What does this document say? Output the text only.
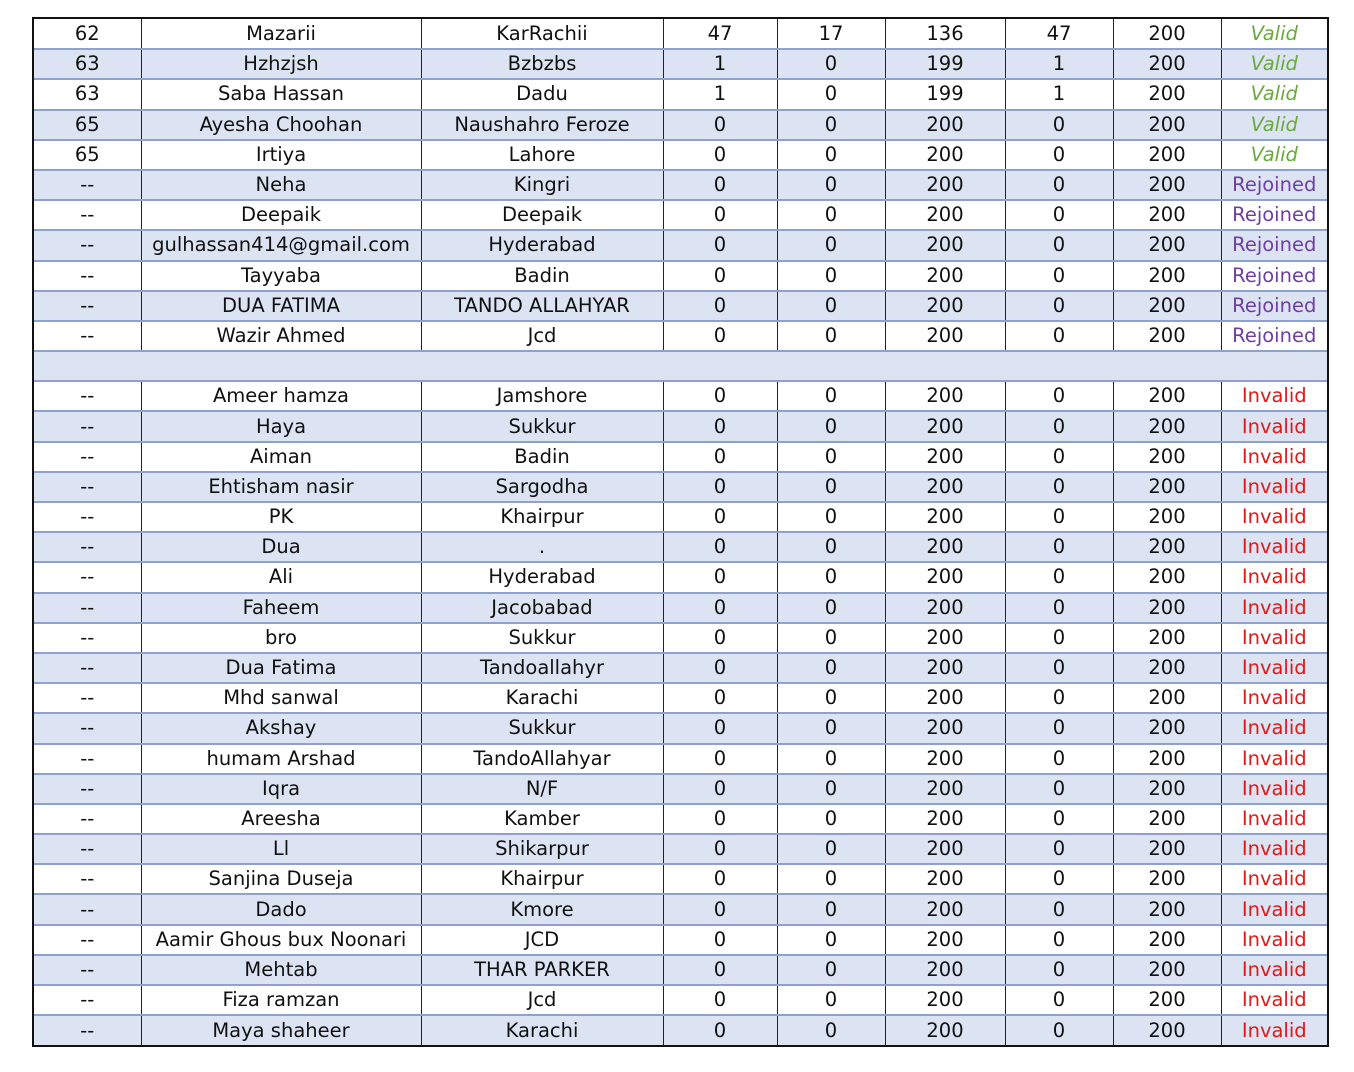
62	Mazarii	KarRachii	47	17	136	47	200	Valid
63	Hzhzjsh	Bzbzbs	1	0	199	1	200	Valid
63	Saba Hassan	Dadu	1	0	199	1	200	Valid
65	Ayesha Choohan	Naushahro Feroze	0	0	200	0	200	Valid
65	Irtiya	Lahore	0	0	200	0	200	Valid
--	Neha	Kingri	0	0	200	0	200	Rejoined
--	Deepaik	Deepaik	0	0	200	0	200	Rejoined
--	gulhassan414@gmail.com	Hyderabad	0	0	200	0	200	Rejoined
--	Tayyaba	Badin	0	0	200	0	200	Rejoined
--	DUA FATIMA	TANDO ALLAHYAR	0	0	200	0	200	Rejoined
--	Wazir Ahmed	Jcd	0	0	200	0	200	Rejoined

--	Ameer hamza	Jamshore	0	0	200	0	200	Invalid
--	Haya	Sukkur	0	0	200	0	200	Invalid
--	Aiman	Badin	0	0	200	0	200	Invalid
--	Ehtisham nasir	Sargodha	0	0	200	0	200	Invalid
--	PK	Khairpur	0	0	200	0	200	Invalid
--	Dua	.	0	0	200	0	200	Invalid
--	Ali	Hyderabad	0	0	200	0	200	Invalid
--	Faheem	Jacobabad	0	0	200	0	200	Invalid
--	bro	Sukkur	0	0	200	0	200	Invalid
--	Dua Fatima	Tandoallahyr	0	0	200	0	200	Invalid
--	Mhd sanwal	Karachi	0	0	200	0	200	Invalid
--	Akshay	Sukkur	0	0	200	0	200	Invalid
--	humam Arshad	TandoAllahyar	0	0	200	0	200	Invalid
--	Iqra	N/F	0	0	200	0	200	Invalid
--	Areesha	Kamber	0	0	200	0	200	Invalid
--	Ll	Shikarpur	0	0	200	0	200	Invalid
--	Sanjina Duseja	Khairpur	0	0	200	0	200	Invalid
--	Dado	Kmore	0	0	200	0	200	Invalid
--	Aamir Ghous bux Noonari	JCD	0	0	200	0	200	Invalid
--	Mehtab	THAR PARKER	0	0	200	0	200	Invalid
--	Fiza ramzan	Jcd	0	0	200	0	200	Invalid
--	Maya shaheer	Karachi	0	0	200	0	200	Invalid
